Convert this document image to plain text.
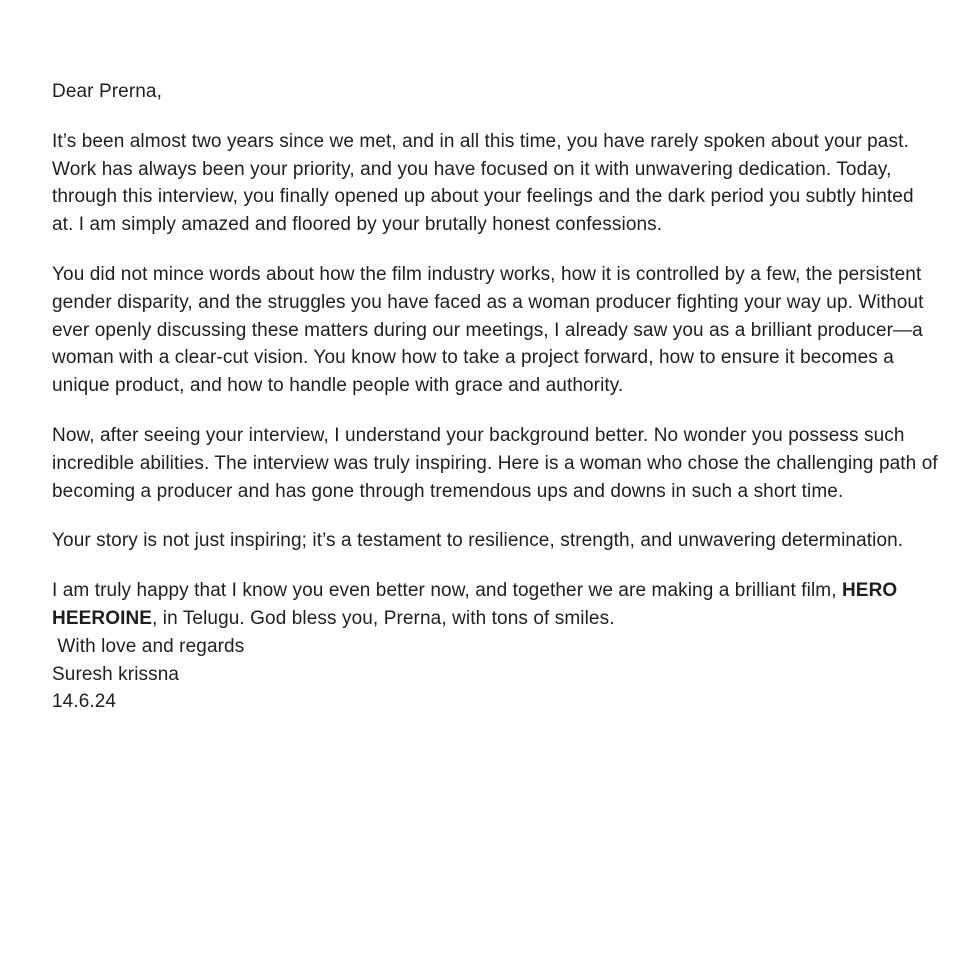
Dear Prerna,

It’s been almost two years since we met, and in all this time, you have rarely spoken about your past. Work has always been your priority, and you have focused on it with unwavering dedication. Today, through this interview, you finally opened up about your feelings and the dark period you subtly hinted at. I am simply amazed and floored by your brutally honest confessions.

You did not mince words about how the film industry works, how it is controlled by a few, the persistent gender disparity, and the struggles you have faced as a woman producer fighting your way up. Without ever openly discussing these matters during our meetings, I already saw you as a brilliant producer—a woman with a clear-cut vision. You know how to take a project forward, how to ensure it becomes a unique product, and how to handle people with grace and authority.

Now, after seeing your interview, I understand your background better. No wonder you possess such incredible abilities. The interview was truly inspiring. Here is a woman who chose the challenging path of becoming a producer and has gone through tremendous ups and downs in such a short time.

Your story is not just inspiring; it’s a testament to resilience, strength, and unwavering determination.

I am truly happy that I know you even better now, and together we are making a brilliant film, HERO HEEROINE, in Telugu. God bless you, Prerna, with tons of smiles.

With love and regards

Suresh krissna

14.6.24
